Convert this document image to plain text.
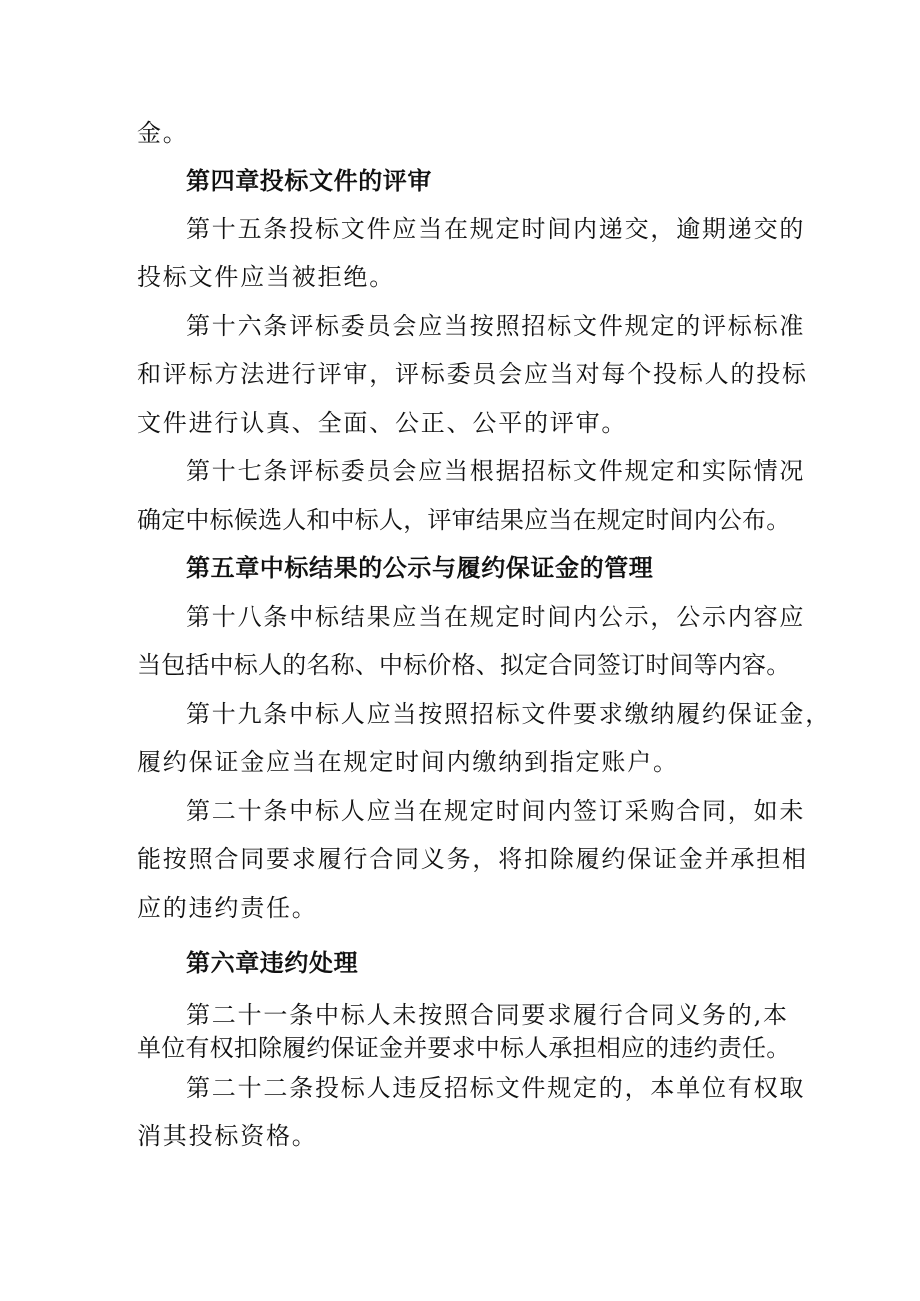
金。
第四章投标文件的评审
第十五条投标文件应当在规定时间内递交，逾期递交的
投标文件应当被拒绝。
第十六条评标委员会应当按照招标文件规定的评标标准
和评标方法进行评审，评标委员会应当对每个投标人的投标
文件进行认真、全面、公正、公平的评审。
第十七条评标委员会应当根据招标文件规定和实际情况
确定中标候选人和中标人，评审结果应当在规定时间内公布。
第五章中标结果的公示与履约保证金的管理
第十八条中标结果应当在规定时间内公示，公示内容应
当包括中标人的名称、中标价格、拟定合同签订时间等内容。
第十九条中标人应当按照招标文件要求缴纳履约保证金，
履约保证金应当在规定时间内缴纳到指定账户。
第二十条中标人应当在规定时间内签订采购合同，如未
能按照合同要求履行合同义务，将扣除履约保证金并承担相
应的违约责任。
第六章违约处理
第二十一条中标人未按照合同要求履行合同义务的,本
单位有权扣除履约保证金并要求中标人承担相应的违约责任。
第二十二条投标人违反招标文件规定的，本单位有权取
消其投标资格。
